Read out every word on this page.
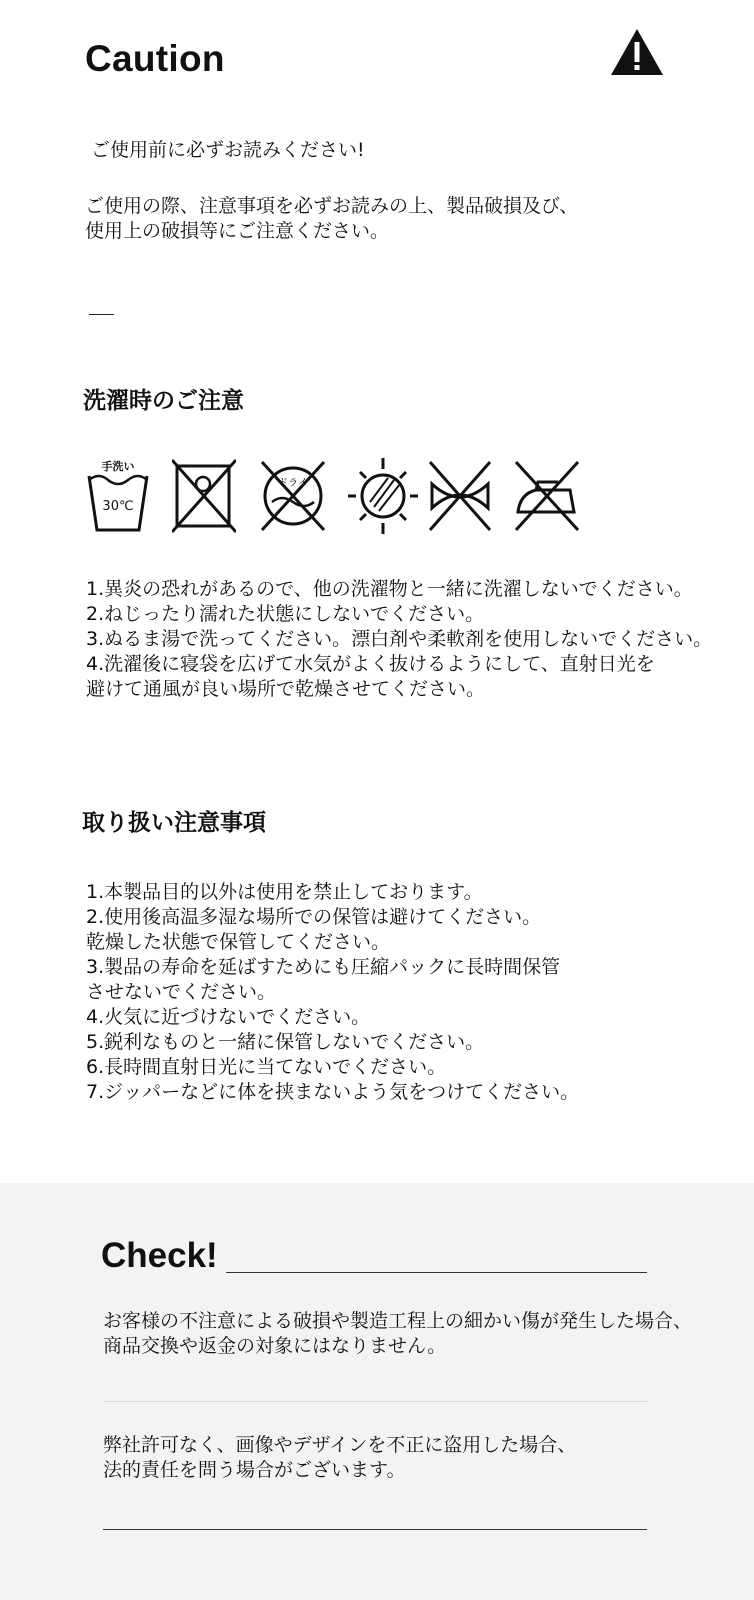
Caution
ご使用前に必ずお読みください!
ご使用の際、注意事項を必ずお読みの上、製品破損及び、
使用上の破損等にご注意ください。
洗濯時のご注意
手洗い
30℃
ドライ
1.異炎の恐れがあるので、他の洗濯物と一緒に洗濯しないでください。
2.ねじったり濡れた状態にしないでください。
3.ぬるま湯で洗ってください。漂白剤や柔軟剤を使用しないでください。
4.洗濯後に寝袋を広げて水気がよく抜けるようにして、直射日光を
避けて通風が良い場所で乾燥させてください。
取り扱い注意事項
1.本製品目的以外は使用を禁止しております。
2.使用後高温多湿な場所での保管は避けてください。
乾燥した状態で保管してください。
3.製品の寿命を延ばすためにも圧縮パックに長時間保管
させないでください。
4.火気に近づけないでください。
5.鋭利なものと一緒に保管しないでください。
6.長時間直射日光に当てないでください。
7.ジッパーなどに体を挟まないよう気をつけてください。
Check!
お客様の不注意による破損や製造工程上の細かい傷が発生した場合、
商品交換や返金の対象にはなりません。
弊社許可なく、画像やデザインを不正に盗用した場合、
法的責任を問う場合がございます。
